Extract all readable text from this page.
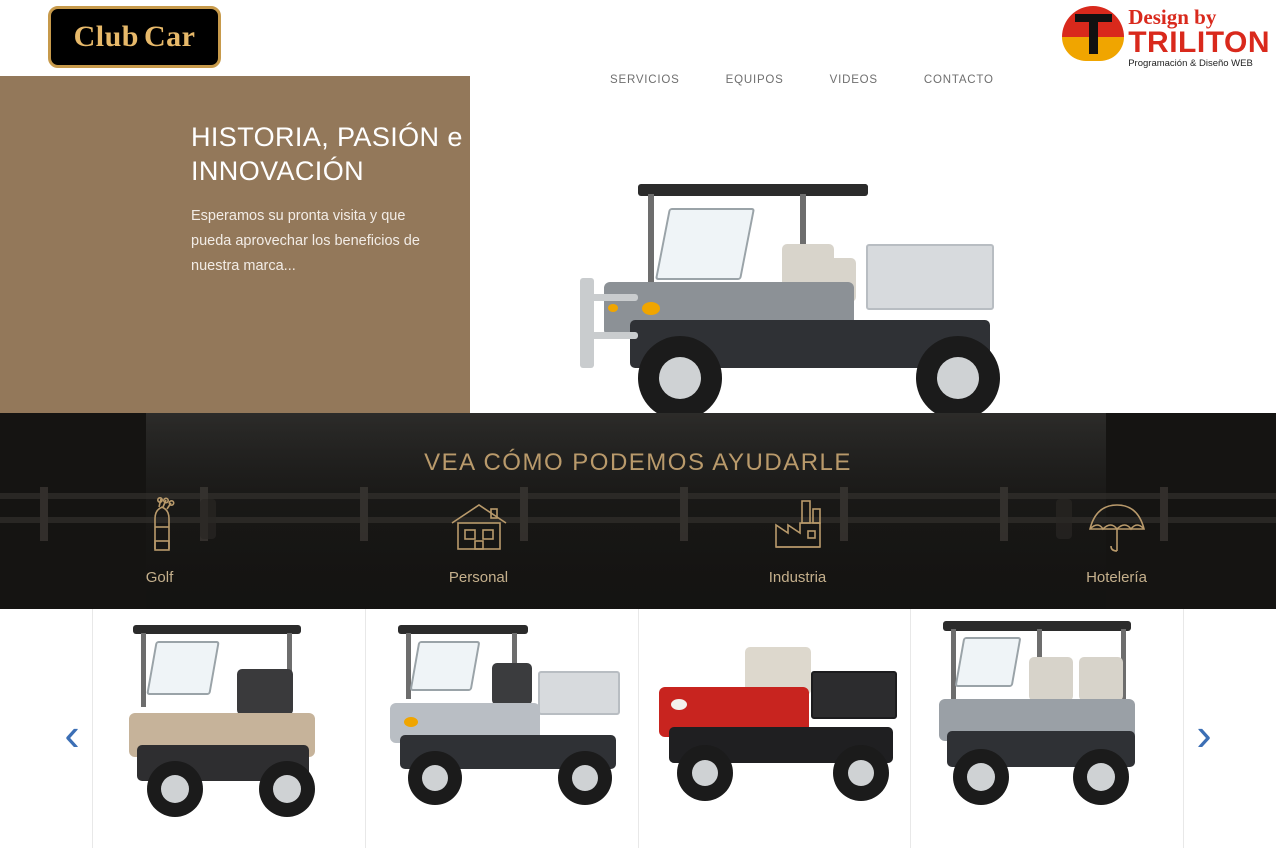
Club Car
Design by
TRILITON
Programación & Diseño WEB
SERVICIOS	EQUIPOS	VIDEOS	CONTACTO
HISTORIA, PASIÓN e
INNOVACIÓN
Esperamos su pronta visita y que pueda aprovechar los beneficios de nuestra marca...
VEA CÓMO PODEMOS AYUDARLE
Golf	Personal	Industria	Hotelería
‹	›
